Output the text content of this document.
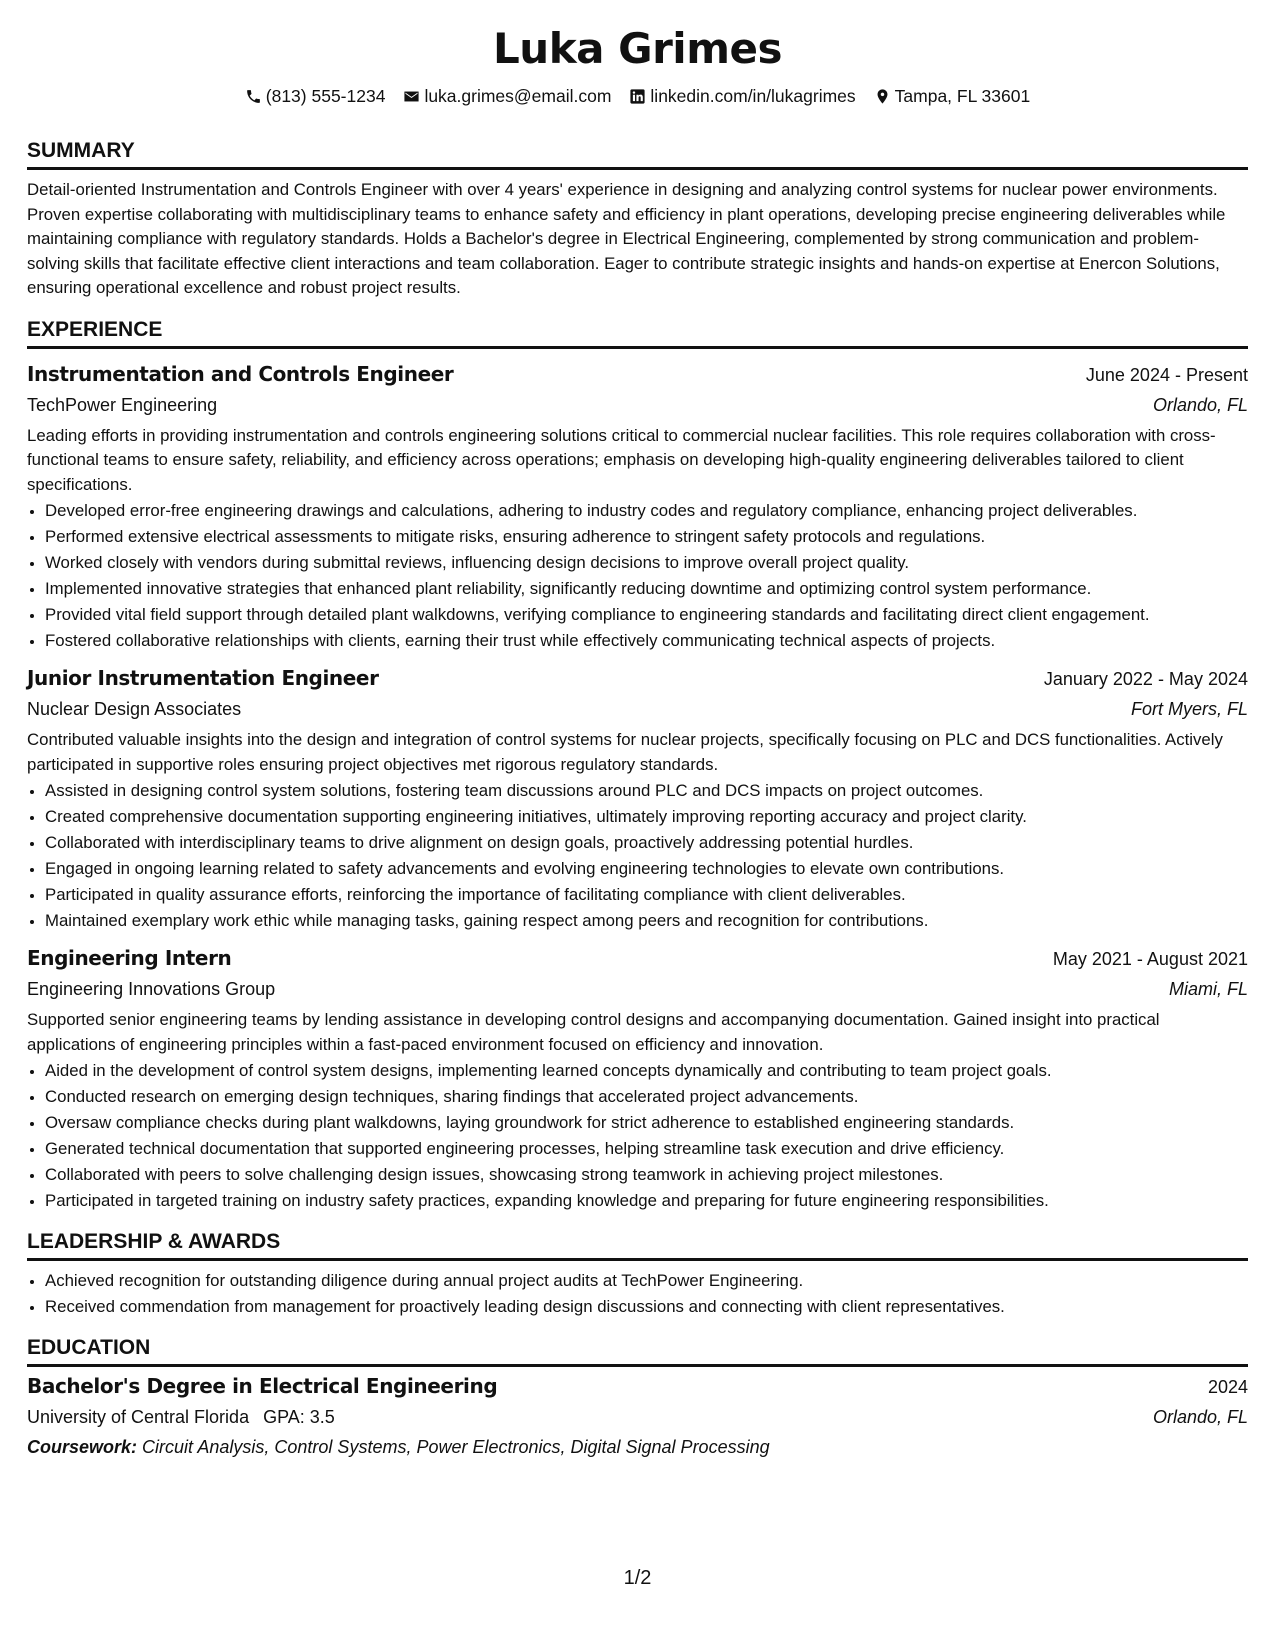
Luka Grimes
(813) 555-1234 luka.grimes@email.com linkedin.com/in/lukagrimes Tampa, FL 33601
SUMMARY

Detail-oriented Instrumentation and Controls Engineer with over 4 years' experience in designing and analyzing control systems for nuclear power environments. Proven expertise collaborating with multidisciplinary teams to enhance safety and efficiency in plant operations, developing precise engineering deliverables while maintaining compliance with regulatory standards. Holds a Bachelor's degree in Electrical Engineering, complemented by strong communication and problem-solving skills that facilitate effective client interactions and team collaboration. Eager to contribute strategic insights and hands-on expertise at Enercon Solutions, ensuring operational excellence and robust project results.

EXPERIENCE
Instrumentation and Controls Engineer	June 2024 - Present
TechPower Engineering	Orlando, FL

Leading efforts in providing instrumentation and controls engineering solutions critical to commercial nuclear facilities. This role requires collaboration with cross-functional teams to ensure safety, reliability, and efficiency across operations; emphasis on developing high-quality engineering deliverables tailored to client specifications.

• Developed error-free engineering drawings and calculations, adhering to industry codes and regulatory compliance, enhancing project deliverables.
• Performed extensive electrical assessments to mitigate risks, ensuring adherence to stringent safety protocols and regulations.
• Worked closely with vendors during submittal reviews, influencing design decisions to improve overall project quality.
• Implemented innovative strategies that enhanced plant reliability, significantly reducing downtime and optimizing control system performance.
• Provided vital field support through detailed plant walkdowns, verifying compliance to engineering standards and facilitating direct client engagement.
• Fostered collaborative relationships with clients, earning their trust while effectively communicating technical aspects of projects.
Junior Instrumentation Engineer	January 2022 - May 2024
Nuclear Design Associates	Fort Myers, FL

Contributed valuable insights into the design and integration of control systems for nuclear projects, specifically focusing on PLC and DCS functionalities. Actively participated in supportive roles ensuring project objectives met rigorous regulatory standards.

• Assisted in designing control system solutions, fostering team discussions around PLC and DCS impacts on project outcomes.
• Created comprehensive documentation supporting engineering initiatives, ultimately improving reporting accuracy and project clarity.
• Collaborated with interdisciplinary teams to drive alignment on design goals, proactively addressing potential hurdles.
• Engaged in ongoing learning related to safety advancements and evolving engineering technologies to elevate own contributions.
• Participated in quality assurance efforts, reinforcing the importance of facilitating compliance with client deliverables.
• Maintained exemplary work ethic while managing tasks, gaining respect among peers and recognition for contributions.
Engineering Intern	May 2021 - August 2021
Engineering Innovations Group	Miami, FL

Supported senior engineering teams by lending assistance in developing control designs and accompanying documentation. Gained insight into practical applications of engineering principles within a fast-paced environment focused on efficiency and innovation.

• Aided in the development of control system designs, implementing learned concepts dynamically and contributing to team project goals.
• Conducted research on emerging design techniques, sharing findings that accelerated project advancements.
• Oversaw compliance checks during plant walkdowns, laying groundwork for strict adherence to established engineering standards.
• Generated technical documentation that supported engineering processes, helping streamline task execution and drive efficiency.
• Collaborated with peers to solve challenging design issues, showcasing strong teamwork in achieving project milestones.
• Participated in targeted training on industry safety practices, expanding knowledge and preparing for future engineering responsibilities.
LEADERSHIP & AWARDS
• Achieved recognition for outstanding diligence during annual project audits at TechPower Engineering.
• Received commendation from management for proactively leading design discussions and connecting with client representatives.
EDUCATION
Bachelor's Degree in Electrical Engineering	2024
University of Central Florida GPA: 3.5	Orlando, FL
Coursework: Circuit Analysis, Control Systems, Power Electronics, Digital Signal Processing
1/2
